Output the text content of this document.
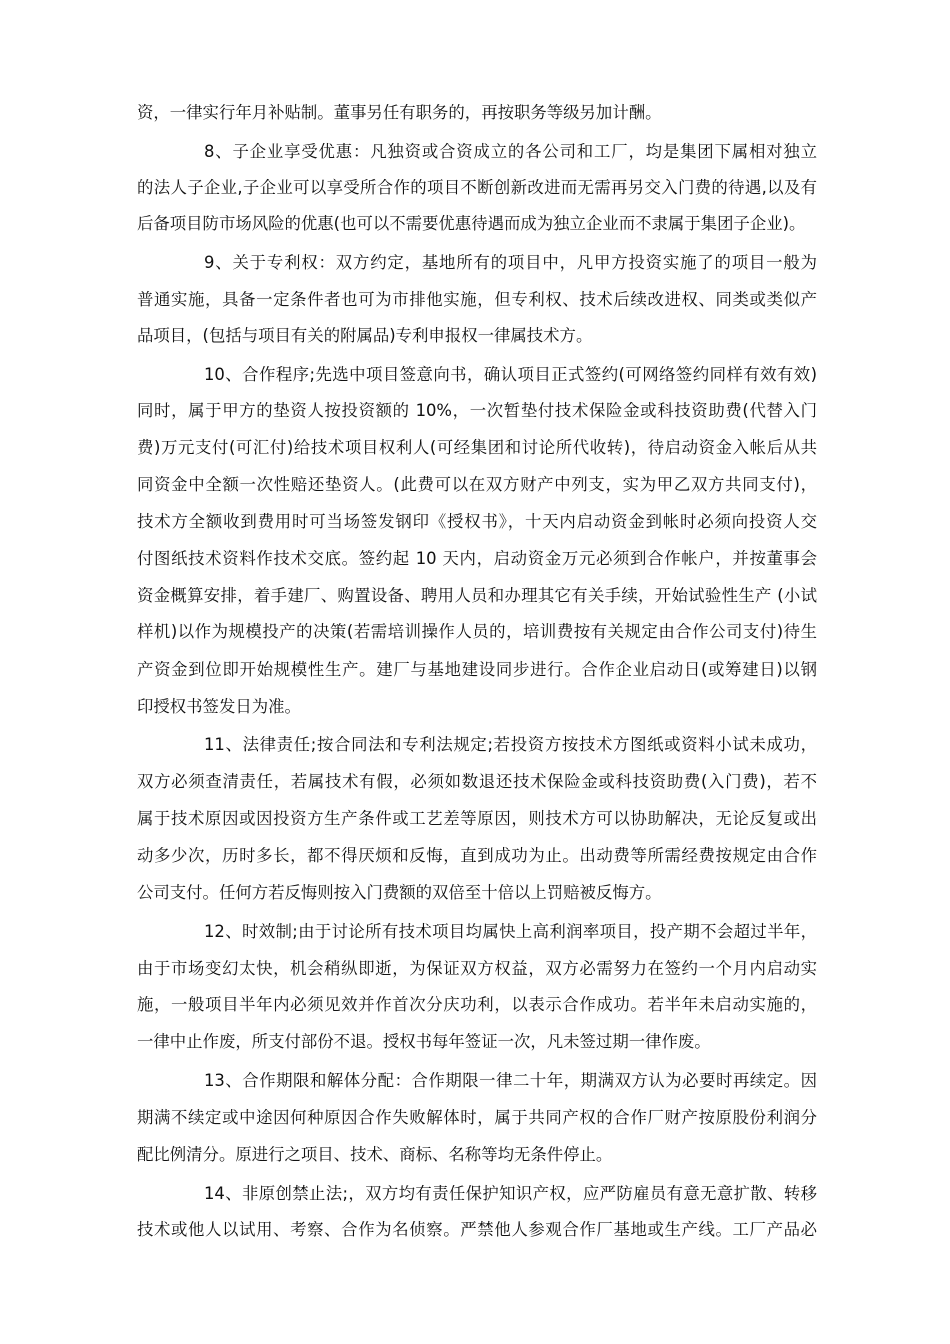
资，一律实行年月补贴制。董事另任有职务的，再按职务等级另加计酬。
8、子企业享受优惠：凡独资或合资成立的各公司和工厂，均是集团下属相对独立
的法人子企业,子企业可以享受所合作的项目不断创新改进而无需再另交入门费的待遇,以及有
后备项目防市场风险的优惠(也可以不需要优惠待遇而成为独立企业而不隶属于集团子企业)。
9、关于专利权：双方约定，基地所有的项目中，凡甲方投资实施了的项目一般为
普通实施，具备一定条件者也可为市排他实施，但专利权、技术后续改进权、同类或类似产
品项目，(包括与项目有关的附属品)专利申报权一律属技术方。
10、合作程序;先选中项目签意向书，确认项目正式签约(可网络签约同样有效有效)
同时，属于甲方的垫资人按投资额的 10%，一次暂垫付技术保险金或科技资助费(代替入门
费)万元支付(可汇付)给技术项目权利人(可经集团和讨论所代收转)，待启动资金入帐后从共
同资金中全额一次性赔还垫资人。(此费可以在双方财产中列支，实为甲乙双方共同支付)，
技术方全额收到费用时可当场签发钢印《授权书》，十天内启动资金到帐时必须向投资人交
付图纸技术资料作技术交底。签约起 10 天内，启动资金万元必须到合作帐户，并按董事会
资金概算安排，着手建厂、购置设备、聘用人员和办理其它有关手续，开始试验性生产 (小试
样机)以作为规模投产的决策(若需培训操作人员的，培训费按有关规定由合作公司支付)待生
产资金到位即开始规模性生产。建厂与基地建设同步进行。合作企业启动日(或筹建日)以钢
印授权书签发日为准。
11、法律责任;按合同法和专利法规定;若投资方按技术方图纸或资料小试未成功，
双方必须查清责任，若属技术有假，必须如数退还技术保险金或科技资助费(入门费)，若不
属于技术原因或因投资方生产条件或工艺差等原因，则技术方可以协助解决，无论反复或出
动多少次，历时多长，都不得厌烦和反悔，直到成功为止。出动费等所需经费按规定由合作
公司支付。任何方若反悔则按入门费额的双倍至十倍以上罚赔被反悔方。
12、时效制;由于讨论所有技术项目均属快上高利润率项目，投产期不会超过半年，
由于市场变幻太快，机会稍纵即逝，为保证双方权益，双方必需努力在签约一个月内启动实
施，一般项目半年内必须见效并作首次分庆功利，以表示合作成功。若半年未启动实施的，
一律中止作废，所支付部份不退。授权书每年签证一次，凡未签过期一律作废。
13、合作期限和解体分配：合作期限一律二十年，期满双方认为必要时再续定。因
期满不续定或中途因何种原因合作失败解体时，属于共同产权的合作厂财产按原股份利润分
配比例清分。原进行之项目、技术、商标、名称等均无条件停止。
14、非原创禁止法;，双方均有责任保护知识产权，应严防雇员有意无意扩散、转移
技术或他人以试用、考察、合作为名侦察。严禁他人参观合作厂基地或生产线。工厂产品必
